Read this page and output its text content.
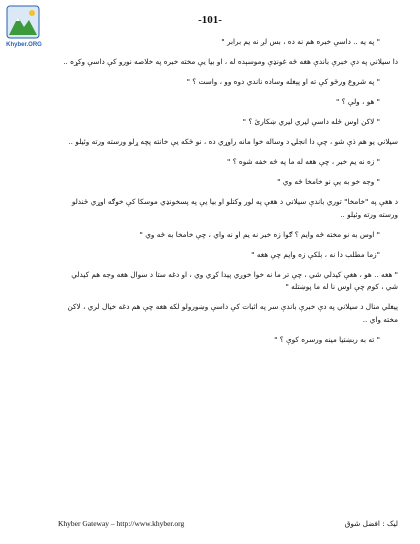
Khyber.ORG
-101-

" په يه .. داسې خبره هم نه ده ، بس لږ نه يم برابر "

دا سيلاني په دې خبرې باندې هغه څه غونډې وموسېده له ، او بيا يې مخته خبره په خلاصه نورو کې داسې وکړه ..

" په شروع ورځو کې ته او پېغله وساده ناندي دوه وو ، واست ؟ "

" هو ، ولې ؟ "

" لاکن اوس ځله داسې ليري ليري ښکارئ ؟ "

سيلاني يو هم ذې شو ، چې دا انجلۍ د وساله خوا مانه راوړي ده ، نو ځکه يې خانته پچه ړلو ورسته ورته وئيلو ..

" زه نه يم خبر ، چې هغه له ما په څه خفه شوه ؟ "

" وجه خو به يې نو خامخا څه وي "

د هغې په "خامخا" توري باندې سيلاني د هغې په لور وکتلو او بيا يې په پسخونډي موسکا کې خوګه اوړي ځندلو ورسته ورته وئيلو ..

" اوس به نو مخته څه وايم ؟ ګوا زه خبر نه يم او نه واي ، چې خامخا به څه وي "

"زما مطلب دا نه ، بلکې زه وايم چې هغه "

" هغه .. هو ، هغې کيدلي شي ، چې تر ما نه خوا خوږي پيدا کړي وي ، او دغه ستا د سوال هغه وجه هم کيدلي شي ، کوم چې اوس نا له ما پوښتله "

پيغلي منال د سيلاني په دې خبرې باندې سر په اثبات کې داسې وښورولو لکه هغه چې هم دغه خيال لري ، لاکن مخته واي ..

" ته به ربښتيا مينه ورسره کوې ؟ "

Khyber Gateway – http://www.khyber.org	ليک : افضل شوق
